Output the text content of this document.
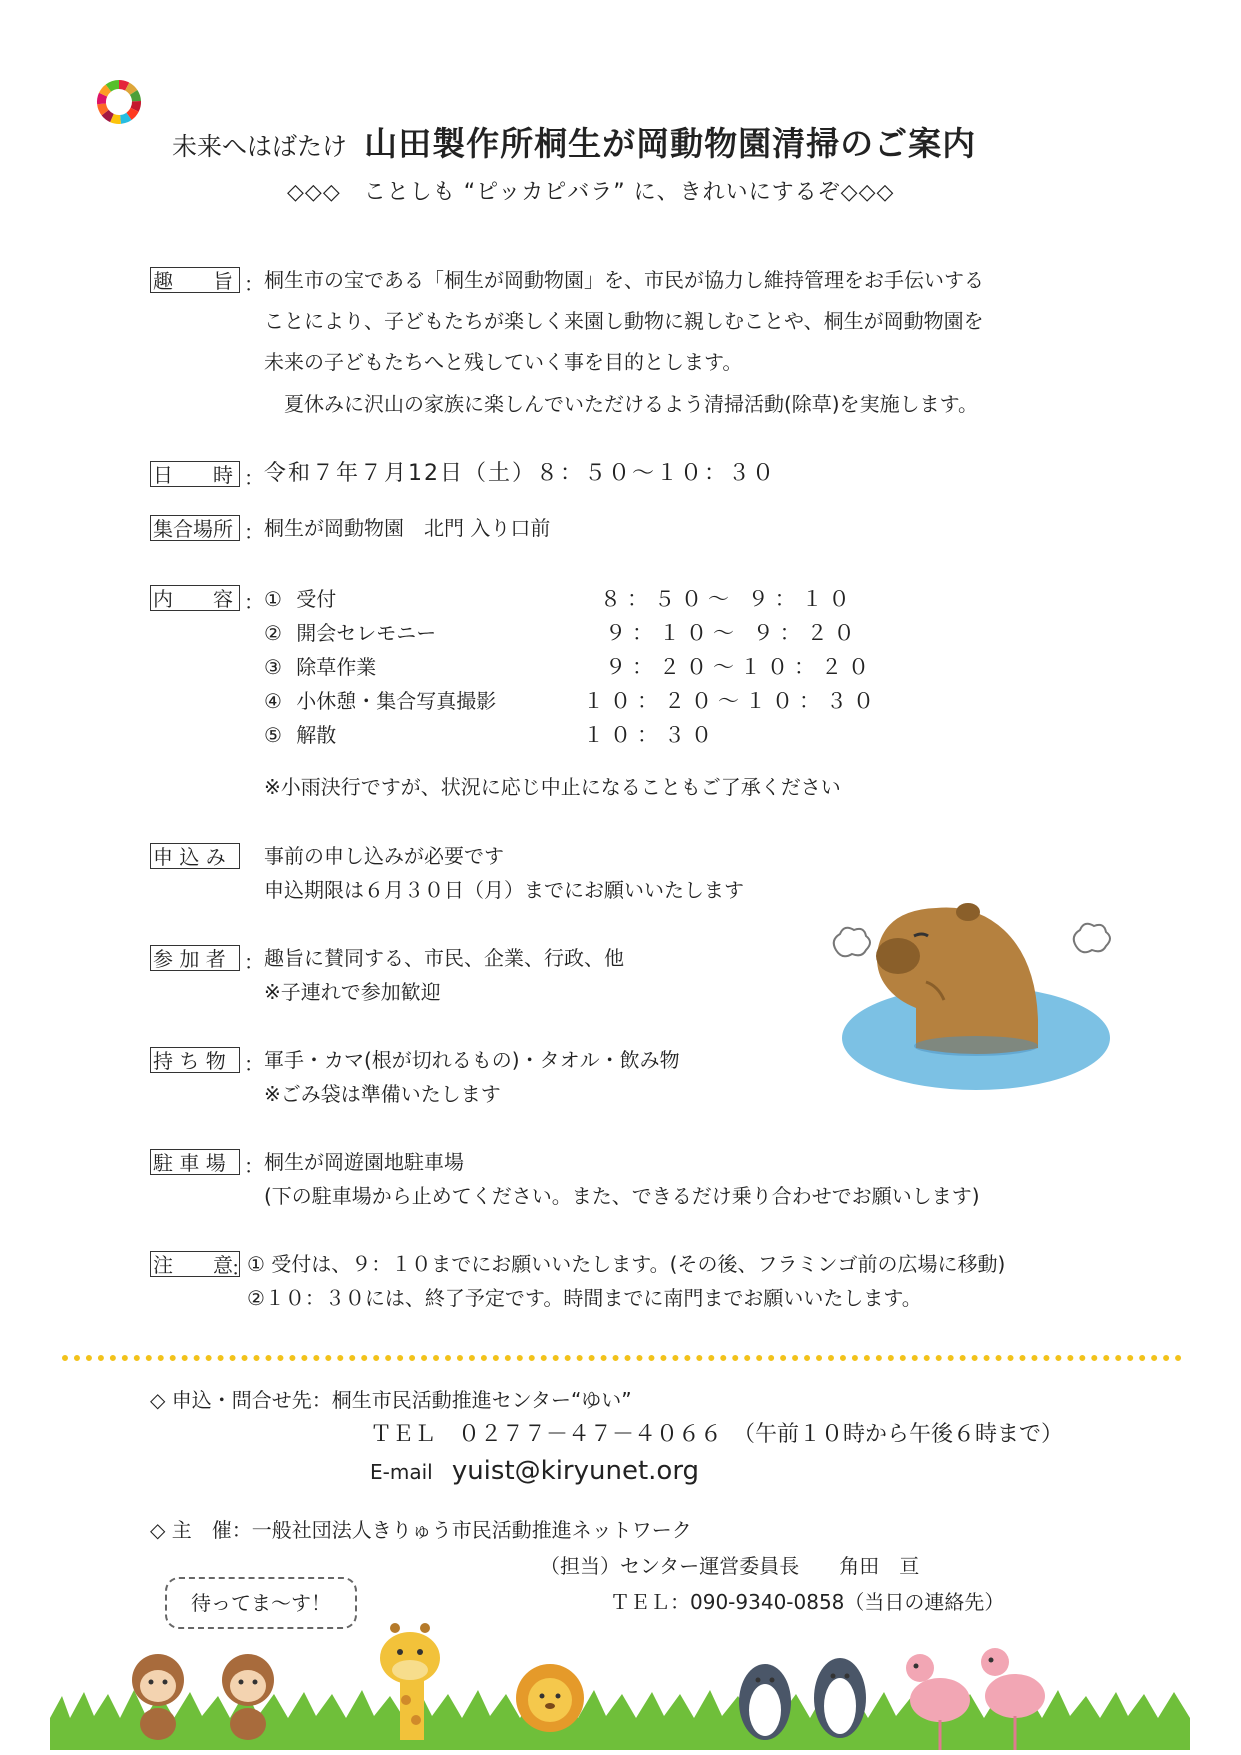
未来へはばたけ 山田製作所桐生が岡動物園清掃のご案内
◇◇◇　ことしも “ピッカピバラ” に、きれいにするぞ◇◇◇
趣　　旨 ： 桐生市の宝である「桐生が岡動物園」を、市民が協力し維持管理をお手伝いする
ことにより、子どもたちが楽しく来園し動物に親しむことや、桐生が岡動物園を
未来の子どもたちへと残していく事を目的とします。
　夏休みに沢山の家族に楽しんでいただけるよう清掃活動(除草)を実施します。
日　　時 ： 令和７年７月12日（土）８：５０～１０：３０
集合場所 ： 桐生が岡動物園　北門 入り口前
内　　容 ： ① 受付	８：５０～ ９：１０
② 開会セレモニー	９：１０～ ９：２０
③ 除草作業	９：２０～１０：２０
④ 小休憩・集合写真撮影	１０：２０～１０：３０
⑤ 解散	１０：３０
※小雨決行ですが、状況に応じ中止になることもご了承ください
申 込 み 事前の申し込みが必要です
申込期限は６月３０日（月）までにお願いいたします
参 加 者 ： 趣旨に賛同する、市民、企業、行政、他
※子連れで参加歓迎
持 ち 物 ： 軍手・カマ(根が切れるもの)・タオル・飲み物
※ごみ袋は準備いたします
駐 車 場 ： 桐生が岡遊園地駐車場
(下の駐車場から止めてください。また、できるだけ乗り合わせでお願いします)
注　　意
：
① 受付は、９：１０までにお願いいたします。(その後、フラミンゴ前の広場に移動)
②１０：３０には、終了予定です。時間までに南門までお願いいたします。
◇ 申込・問合せ先：桐生市民活動推進センター“ゆい”
ＴＥＬ　０２７７－４７－４０６６　（午前１０時から午後６時まで）
E-mail yuist@kiryunet.org
◇ 主　催：一般社団法人きりゅう市民活動推進ネットワーク
（担当）センター運営委員長　　角田　亘
ＴＥＬ：090-9340-0858（当日の連絡先）
待ってま～す！
